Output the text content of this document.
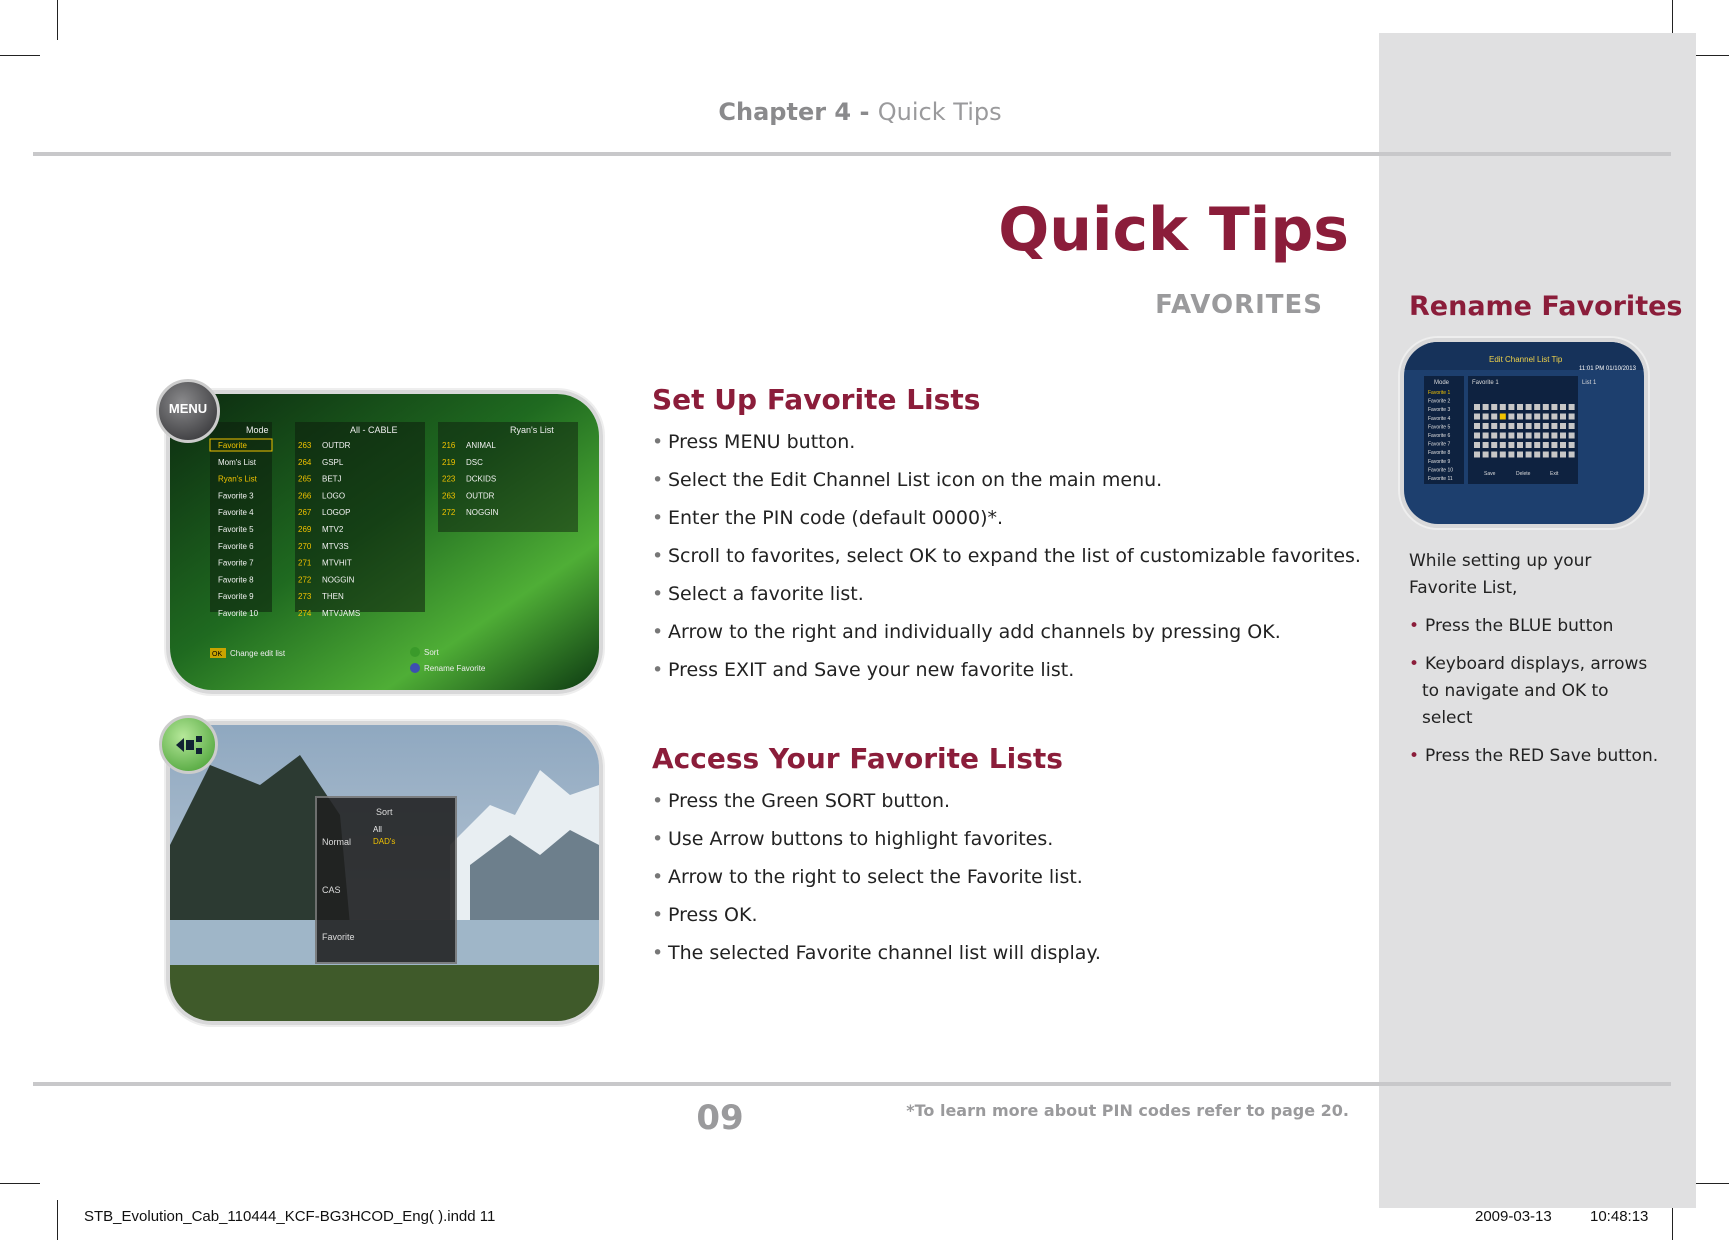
Chapter 4 - Quick Tips
Quick Tips
FAVORITES
Mode	All - CABLE	Ryan's List
Favorite
Mom's List
Ryan's List
Favorite 3
Favorite 4
Favorite 5
Favorite 6
Favorite 7
Favorite 8
Favorite 9
Favorite 10
263 OUTDR
264 GSPL
265 BETJ
266 LOGO
267 LOGOP
269 MTV2
270 MTV3S
271 MTVHIT
272 NOGGIN
273 THEN
274 MTVJAMS
216 ANIMAL
219 DSC
223 DCKIDS
263 OUTDR
272 NOGGIN
OK Change edit list	Sort
Rename Favorite
MENU
Sort
Normal
CAS
Favorite
All
DAD's
Set Up Favorite Lists
• Press MENU button.
• Select the Edit Channel List icon on the main menu.
• Enter the PIN code (default 0000)*.
• Scroll to favorites, select OK to expand the list of customizable favorites.
• Select a favorite list.
• Arrow to the right and individually add channels by pressing OK.
• Press EXIT and Save your new favorite list.
Access Your Favorite Lists
• Press the Green SORT button.
• Use Arrow buttons to highlight favorites.
• Arrow to the right to select the Favorite list.
• Press OK.
• The selected Favorite channel list will display.
Rename Favorites
Edit Channel List Tip
11:01 PM 01/10/2013
Mode	Favorite 1	List 1
Favorite 1
Favorite 2
Favorite 3
Favorite 4
Favorite 5
Favorite 6
Favorite 7
Favorite 8
Favorite 9
Favorite 10
Favorite 11
Save	Delete	Exit
While setting up your Favorite List,
• Press the BLUE button
• Keyboard displays, arrows to navigate and OK to select
• Press the RED Save button.
09	*To learn more about PIN codes refer to page 20.
STB_Evolution_Cab_110444_KCF-BG3HCOD_Eng( ).indd 11	2009-03-13	10:48:13
